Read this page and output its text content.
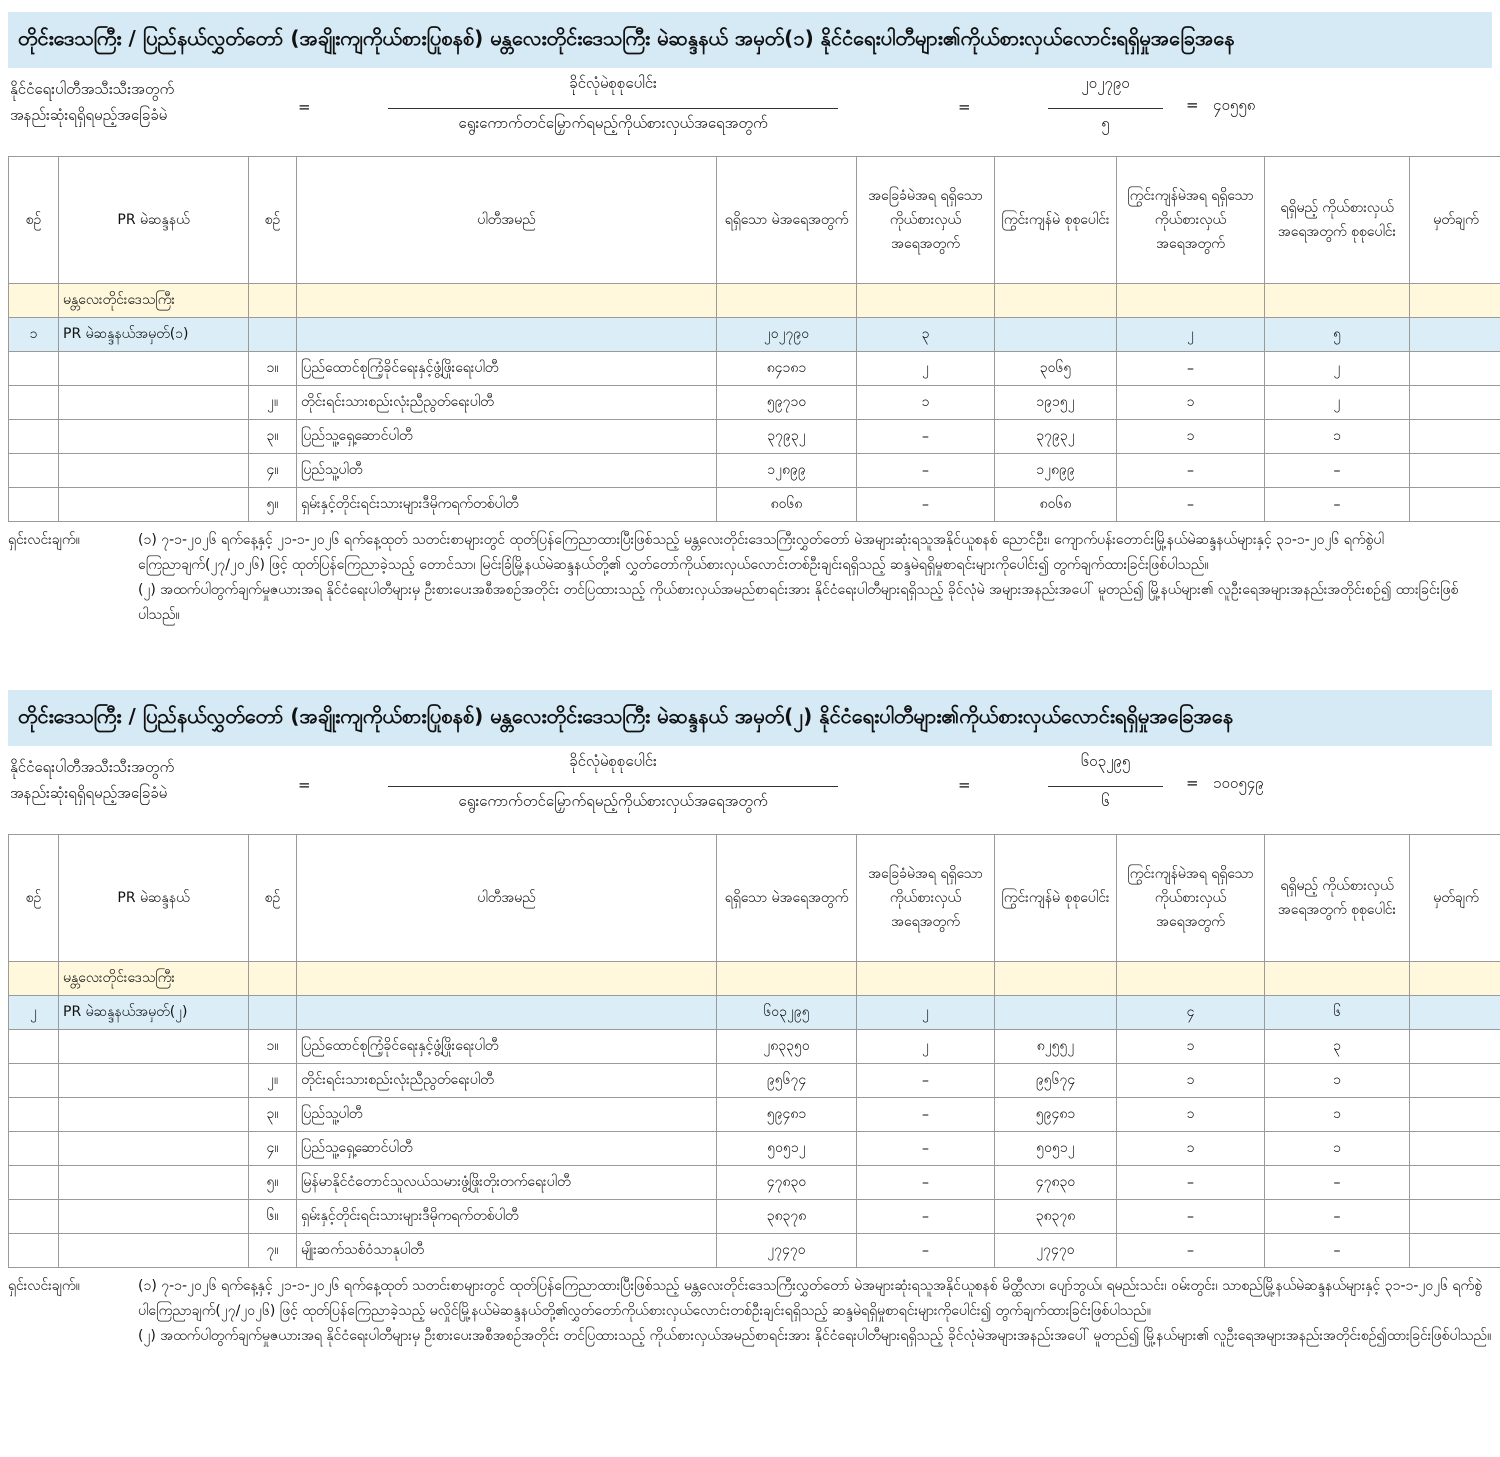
တိုင်းဒေသကြီး / ပြည်နယ်လွှတ်တော် (အချိုးကျကိုယ်စားပြုစနစ်) မန္တလေးတိုင်းဒေသကြီး မဲဆန္ဒနယ် အမှတ်(၁) နိုင်ငံရေးပါတီများ၏ကိုယ်စားလှယ်လောင်းရရှိမှုအခြေအနေ
နိုင်ငံရေးပါတီအသီးသီးအတွက်
အနည်းဆုံးရရှိရမည့်အခြေခံမဲ	=
ခိုင်လုံမဲစုစုပေါင်း
ရွေးကောက်တင်မြှောက်ရမည့်ကိုယ်စားလှယ်အရေအတွက်
=
၂၀၂၇၉၀
၅
= ၄၀၅၅၈
စဉ်	PR မဲဆန္ဒနယ်	စဉ်	ပါတီအမည်	ရရှိသော မဲအရေအတွက်	အခြေခံမဲအရ ရရှိသော ကိုယ်စားလှယ် အရေအတွက်	ကြွင်းကျန်မဲ စုစုပေါင်း	ကြွင်းကျန်မဲအရ ရရှိသော ကိုယ်စားလှယ် အရေအတွက်	ရရှိမည့် ကိုယ်စားလှယ် အရေအတွက် စုစုပေါင်း	မှတ်ချက်
	မန္တလေးတိုင်းဒေသကြီး								
၁	PR မဲဆန္ဒနယ်အမှတ်(၁)			၂၀၂၇၉၀	၃		၂	၅	
		၁။	ပြည်ထောင်စုကြံ့ခိုင်ရေးနှင့်ဖွံ့ဖြိုးရေးပါတီ	၈၄၁၈၁	၂	၃၀၆၅	–	၂	
		၂။	တိုင်းရင်းသားစည်းလုံးညီညွတ်ရေးပါတီ	၅၉၇၁၀	၁	၁၉၁၅၂	၁	၂	
		၃။	ပြည်သူ့ရှေ့ဆောင်ပါတီ	၃၇၉၃၂	–	၃၇၉၃၂	၁	၁	
		၄။	ပြည်သူ့ပါတီ	၁၂၈၉၉	–	၁၂၈၉၉	–	–	
		၅။	ရှမ်းနှင့်တိုင်းရင်းသားများဒီမိုကရက်တစ်ပါတီ	၈၀၆၈	–	၈၀၆၈	–	–	
ရှင်းလင်းချက်။	(၁) ၇-၁-၂၀၂၆ ရက်နေ့နှင့် ၂၁-၁-၂၀၂၆ ရက်နေ့ထုတ် သတင်းစာများတွင် ထုတ်ပြန်ကြေညာထားပြီးဖြစ်သည့် မန္တလေးတိုင်းဒေသကြီးလွှတ်တော် မဲအများဆုံးရသူအနိုင်ယူစနစ် ညောင်ဦး၊ ကျောက်ပန်းတောင်းမြို့နယ်မဲဆန္ဒနယ်များနှင့် ၃၁-၁-၂၀၂၆ ရက်စွဲပါကြေညာချက်(၂၇/၂၀၂၆) ဖြင့် ထုတ်ပြန်ကြေညာခဲ့သည့် တောင်သာ၊ မြင်းခြံမြို့နယ်မဲဆန္ဒနယ်တို့၏ လွှတ်တော်ကိုယ်စားလှယ်လောင်းတစ်ဦးချင်းရရှိသည့် ဆန္ဒမဲရရှိမှုစာရင်းများကိုပေါင်း၍ တွက်ချက်ထားခြင်းဖြစ်ပါသည်။

(၂) အထက်ပါတွက်ချက်မှုဇယားအရ နိုင်ငံရေးပါတီများမှ ဦးစားပေးအစီအစဉ်အတိုင်း တင်ပြထားသည့် ကိုယ်စားလှယ်အမည်စာရင်းအား နိုင်ငံရေးပါတီများရရှိသည့် ခိုင်လုံမဲ အများအနည်းအပေါ် မူတည်၍ မြို့နယ်များ၏ လူဦးရေအများအနည်းအတိုင်းစဉ်၍ ထားခြင်းဖြစ်ပါသည်။

တိုင်းဒေသကြီး / ပြည်နယ်လွှတ်တော် (အချိုးကျကိုယ်စားပြုစနစ်) မန္တလေးတိုင်းဒေသကြီး မဲဆန္ဒနယ် အမှတ်(၂) နိုင်ငံရေးပါတီများ၏ကိုယ်စားလှယ်လောင်းရရှိမှုအခြေအနေ
နိုင်ငံရေးပါတီအသီးသီးအတွက်
အနည်းဆုံးရရှိရမည့်အခြေခံမဲ	=
ခိုင်လုံမဲစုစုပေါင်း
ရွေးကောက်တင်မြှောက်ရမည့်ကိုယ်စားလှယ်အရေအတွက်
=
၆၀၃၂၉၅
၆
= ၁၀၀၅၄၉
စဉ်	PR မဲဆန္ဒနယ်	စဉ်	ပါတီအမည်	ရရှိသော မဲအရေအတွက်	အခြေခံမဲအရ ရရှိသော ကိုယ်စားလှယ် အရေအတွက်	ကြွင်းကျန်မဲ စုစုပေါင်း	ကြွင်းကျန်မဲအရ ရရှိသော ကိုယ်စားလှယ် အရေအတွက်	ရရှိမည့် ကိုယ်စားလှယ် အရေအတွက် စုစုပေါင်း	မှတ်ချက်
	မန္တလေးတိုင်းဒေသကြီး								
၂	PR မဲဆန္ဒနယ်အမှတ်(၂)			၆၀၃၂၉၅	၂		၄	၆	
		၁။	ပြည်ထောင်စုကြံ့ခိုင်ရေးနှင့်ဖွံ့ဖြိုးရေးပါတီ	၂၈၃၃၅၀	၂	၈၂၅၅၂	၁	၃	
		၂။	တိုင်းရင်းသားစည်းလုံးညီညွတ်ရေးပါတီ	၉၅၆၇၄	–	၉၅၆၇၄	၁	၁	
		၃။	ပြည်သူ့ပါတီ	၅၉၄၈၁	–	၅၉၄၈၁	၁	၁	
		၄။	ပြည်သူ့ရှေ့ဆောင်ပါတီ	၅၀၅၁၂	–	၅၀၅၁၂	၁	၁	
		၅။	မြန်မာနိုင်ငံတောင်သူလယ်သမားဖွံ့ဖြိုးတိုးတက်ရေးပါတီ	၄၇၈၃၀	–	၄၇၈၃၀	–	–	
		၆။	ရှမ်းနှင့်တိုင်းရင်းသားများဒီမိုကရက်တစ်ပါတီ	၃၈၃၇၈	–	၃၈၃၇၈	–	–	
		၇။	မျိုးဆက်သစ်ဝံသာနုပါတီ	၂၇၄၇၀	–	၂၇၄၇၀	–	–	
ရှင်းလင်းချက်။	(၁) ၇-၁-၂၀၂၆ ရက်နေ့နှင့် ၂၁-၁-၂၀၂၆ ရက်နေ့ထုတ် သတင်းစာများတွင် ထုတ်ပြန်ကြေညာထားပြီးဖြစ်သည့် မန္တလေးတိုင်းဒေသကြီးလွှတ်တော် မဲအများဆုံးရသူအနိုင်ယူစနစ် မိတ္ထီလာ၊ ပျော်ဘွယ်၊ ရမည်းသင်း၊ ဝမ်းတွင်း၊ သာစည်မြို့နယ်မဲဆန္ဒနယ်များနှင့် ၃၁-၁-၂၀၂၆ ရက်စွဲပါကြေညာချက်(၂၇/၂၀၂၆) ဖြင့် ထုတ်ပြန်ကြေညာခဲ့သည့် မလှိုင်မြို့နယ်မဲဆန္ဒနယ်တို့၏လွှတ်တော်ကိုယ်စားလှယ်လောင်းတစ်ဦးချင်းရရှိသည့် ဆန္ဒမဲရရှိမှုစာရင်းများကိုပေါင်း၍ တွက်ချက်ထားခြင်းဖြစ်ပါသည်။

(၂) အထက်ပါတွက်ချက်မှုဇယားအရ နိုင်ငံရေးပါတီများမှ ဦးစားပေးအစီအစဉ်အတိုင်း တင်ပြထားသည့် ကိုယ်စားလှယ်အမည်စာရင်းအား နိုင်ငံရေးပါတီများရရှိသည့် ခိုင်လုံမဲအများအနည်းအပေါ် မူတည်၍ မြို့နယ်များ၏ လူဦးရေအများအနည်းအတိုင်းစဉ်၍ထားခြင်းဖြစ်ပါသည်။
